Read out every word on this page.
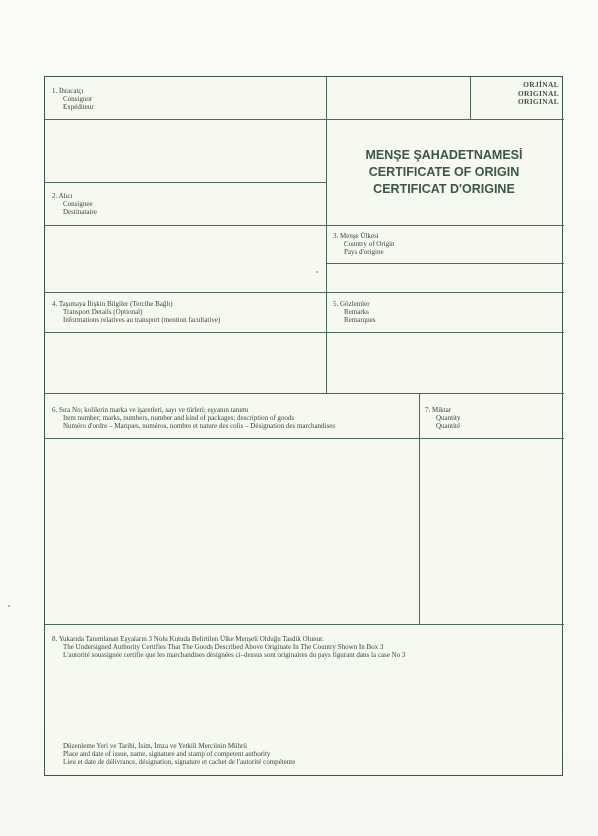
ORJİNAL
ORIGINAL
ORIGINAL
MENŞE ŞAHADETNAMESİ
CERTIFICATE OF ORIGIN
CERTIFICAT D'ORIGINE
1. İhracatçı
Consignor
Expéditeur
2. Alıcı
Consignee
Destinataire
3. Menşe Ülkesi
Country of Origin
Pays d'origine
4. Taşımaya İlişkin Bilgiler (Tercihe Bağlı)
Transport Details (Optional)
Informations relatives au transport (mention facultative)
5. Gözlemler
Remarks
Remarques
6. Sıra No; kolilerin marka ve işaretleri, sayı ve türleri; eşyanın tanımı
Item number; marks, numbers, number and kind of packages; description of goods
Numéro d'ordre – Marques, numéros, nombre et nature des colis – Désignation des marchandises
7. Miktar
Quantity
Quantité
8. Yukarıda Tanımlanan Eşyaların 3 Nolu Kutuda Belirtilen Ülke Menşeli Olduğu Tasdik Olunur.
The Undersigned Authority Certifies That The Goods Described Above Originate In The Country Shown In Box 3
L'autorité soussignée certifie que les marchandises désignées ci–dessus sont originaires du pays figurant dans la case No 3
Düzenleme Yeri ve Tarihi, İsim, İmza ve Yetkili Merciinin Mührü
Place and date of issue, name, signature and stamp of competent authority
Lieu et date de délivrance, désignation, signature et cachet de l'autorité compétente
